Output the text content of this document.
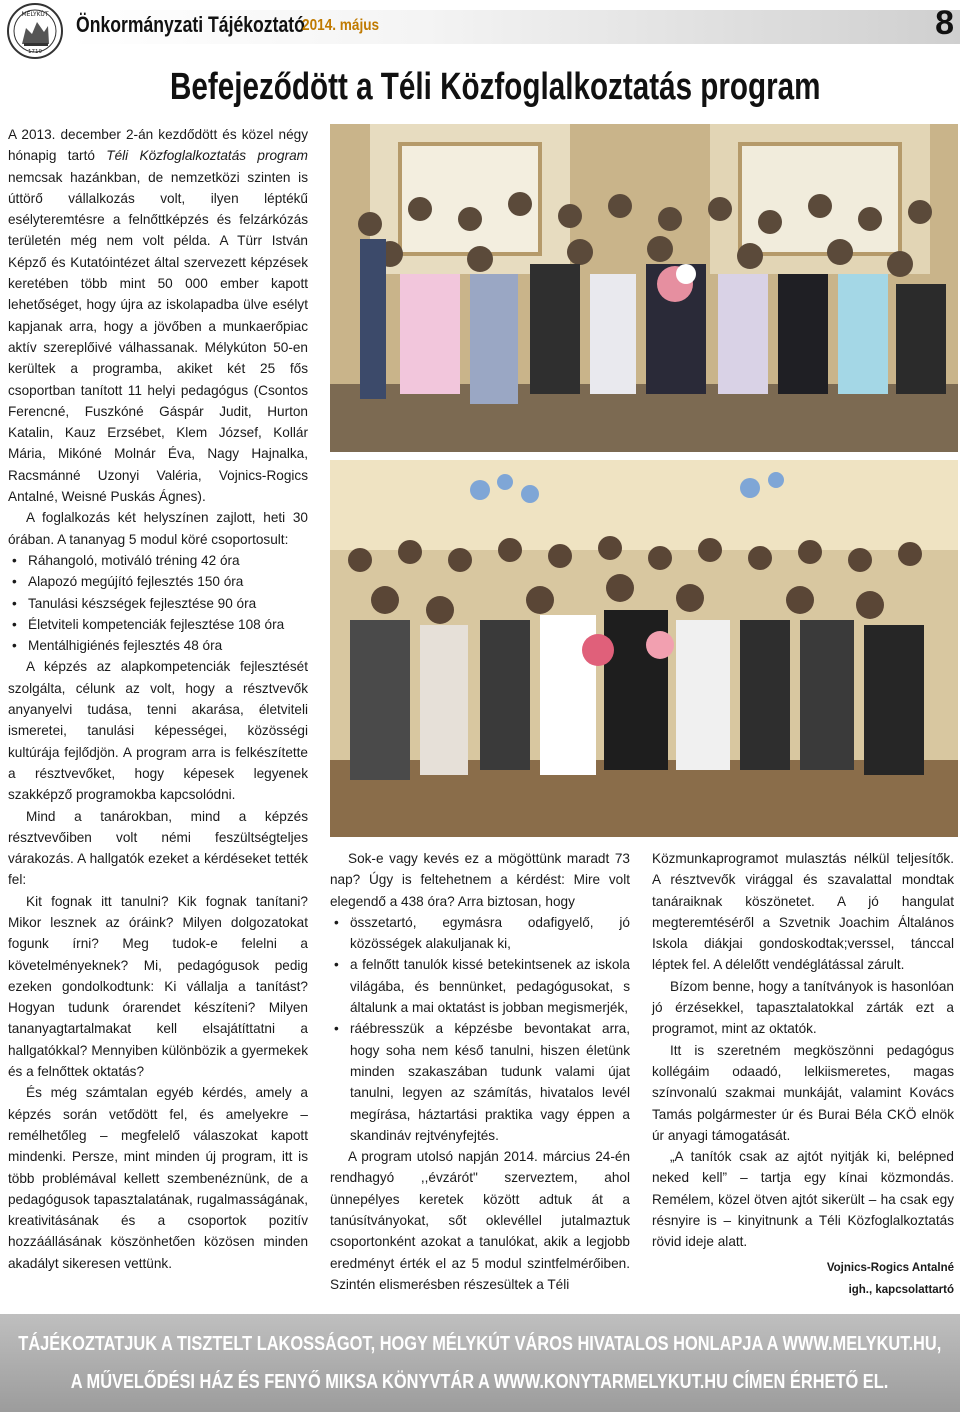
MÉLYKÚT
1719
Önkormányzati Tájékoztató
2014. május	8
Befejeződött a Téli Közfoglalkoztatás program

A 2013. december 2-án kezdődött és közel négy hónapig tartó Téli Közfoglalkoztatás program nemcsak hazánkban, de nemzetközi szinten is úttörő vállalkozás volt, ilyen léptékű esélyteremtésre a felnőttképzés és felzárkózás területén még nem volt példa. A Türr István Képző és Kutatóintézet által szervezett képzések keretében több mint 50 000 ember kapott lehetőséget, hogy újra az iskolapadba ülve esélyt kapjanak arra, hogy a jövőben a munkaerőpiac aktív szereplőivé válhassanak. Mélykúton 50-en kerültek a programba, akiket két 25 fős csoportban tanított 11 helyi pedagógus (Csontos Ferencné, Fuszkóné Gáspár Judit, Hurton Katalin, Kauz Erzsébet, Klem József, Kollár Mária, Mikóné Molnár Éva, Nagy Hajnalka, Racsmánné Uzonyi Valéria, Vojnics-Rogics Antalné, Weisné Puskás Ágnes).

A foglalkozás két helyszínen zajlott, heti 30 órában. A tananyag 5 modul köré csoportosult:

• Ráhangoló, motiváló tréning 42 óra
• Alapozó megújító fejlesztés 150 óra
• Tanulási készségek fejlesztése 90 óra
• Életviteli kompetenciák fejlesztése 108 óra
• Mentálhigiénés fejlesztés 48 óra

A képzés az alapkompetenciák fejlesztését szolgálta, célunk az volt, hogy a résztvevők anyanyelvi tudása, tenni akarása, életviteli ismeretei, tanulási képességei, közösségi kultúrája fejlődjön. A program arra is felkészítette a résztvevőket, hogy képesek legyenek szakképző programokba kapcsolódni.

Mind a tanárokban, mind a képzés résztvevőiben volt némi feszültségteljes várakozás. A hallgatók ezeket a kérdéseket tették fel:

Kit fognak itt tanulni? Kik fognak tanítani? Mikor lesznek az óráink? Milyen dolgozatokat fogunk írni? Meg tudok-e felelni a követelményeknek? Mi, pedagógusok pedig ezeken gondolkodtunk: Ki vállalja a tanítást? Hogyan tudunk órarendet készíteni? Milyen tananyagtartalmakat kell elsajátíttatni a hallgatókkal? Mennyiben különbözik a gyermekek és a felnőttek oktatás?

És még számtalan egyéb kérdés, amely a képzés során vetődött fel, és amelyekre – remélhetőleg – megfelelő válaszokat kapott mindenki. Persze, mint minden új program, itt is több problémával kellett szembenéznünk, de a pedagógusok tapasztalatának, rugalmasságának, kreativitásának és a csoportok pozitív hozzáállásának köszönhetően közösen minden akadályt sikeresen vettünk.

Sok-e vagy kevés ez a mögöttünk maradt 73 nap? Úgy is feltehetnem a kérdést: Mire volt elegendő a 438 óra? Arra biztosan, hogy

• összetartó, egymásra odafigyelő, jó közösségek alakuljanak ki,
• a felnőtt tanulók kissé betekintsenek az iskola világába, és bennünket, pedagógusokat, s általunk a mai oktatást is jobban megismerjék,
• ráébresszük a képzésbe bevontakat arra, hogy soha nem késő tanulni, hiszen életünk minden szakaszában tudunk valami újat tanulni, legyen az számítás, hivatalos levél megírása, háztartási praktika vagy éppen a skandináv rejtvényfejtés.

A program utolsó napján 2014. március 24-én rendhagyó ,,évzárót" szerveztem, ahol ünnepélyes keretek között adtuk át a tanúsítványokat, sőt oklevéllel jutalmaztuk csoportonként azokat a tanulókat, akik a legjobb eredményt érték el az 5 modul szintfelmérőiben. Szintén elismerésben részesültek a Téli

Közmunkaprogramot mulasztás nélkül teljesítők. A résztvevők virággal és szavalattal mondtak tanáraiknak köszönetet. A jó hangulat megteremtéséről a Szvetnik Joachim Általános Iskola diákjai gondoskodtak;verssel, tánccal léptek fel. A délelőtt vendéglátással zárult.

Bízom benne, hogy a tanítványok is hasonlóan jó érzésekkel, tapasztalatokkal zárták ezt a programot, mint az oktatók.

Itt is szeretném megköszönni pedagógus kollégáim odaadó, lelkiismeretes, magas színvonalú szakmai munkáját, valamint Kovács Tamás polgármester úr és Burai Béla CKÖ elnök úr anyagi támogatását.

„A tanítók csak az ajtót nyitják ki, belépned neked kell” – tartja egy kínai közmondás. Remélem, közel ötven ajtót sikerült – ha csak egy résnyire is – kinyitnunk a Téli Közfoglalkoztatás rövid ideje alatt.

Vojnics-Rogics Antalné
igh., kapcsolattartó
TÁJÉKOZTATJUK A TISZTELT LAKOSSÁGOT, HOGY MÉLYKÚT VÁROS HIVATALOS HONLAPJA A WWW.MELYKUT.HU,
A MŰVELŐDÉSI HÁZ ÉS FENYŐ MIKSA KÖNYVTÁR A WWW.KONYTARMELYKUT.HU CÍMEN ÉRHETŐ EL.
